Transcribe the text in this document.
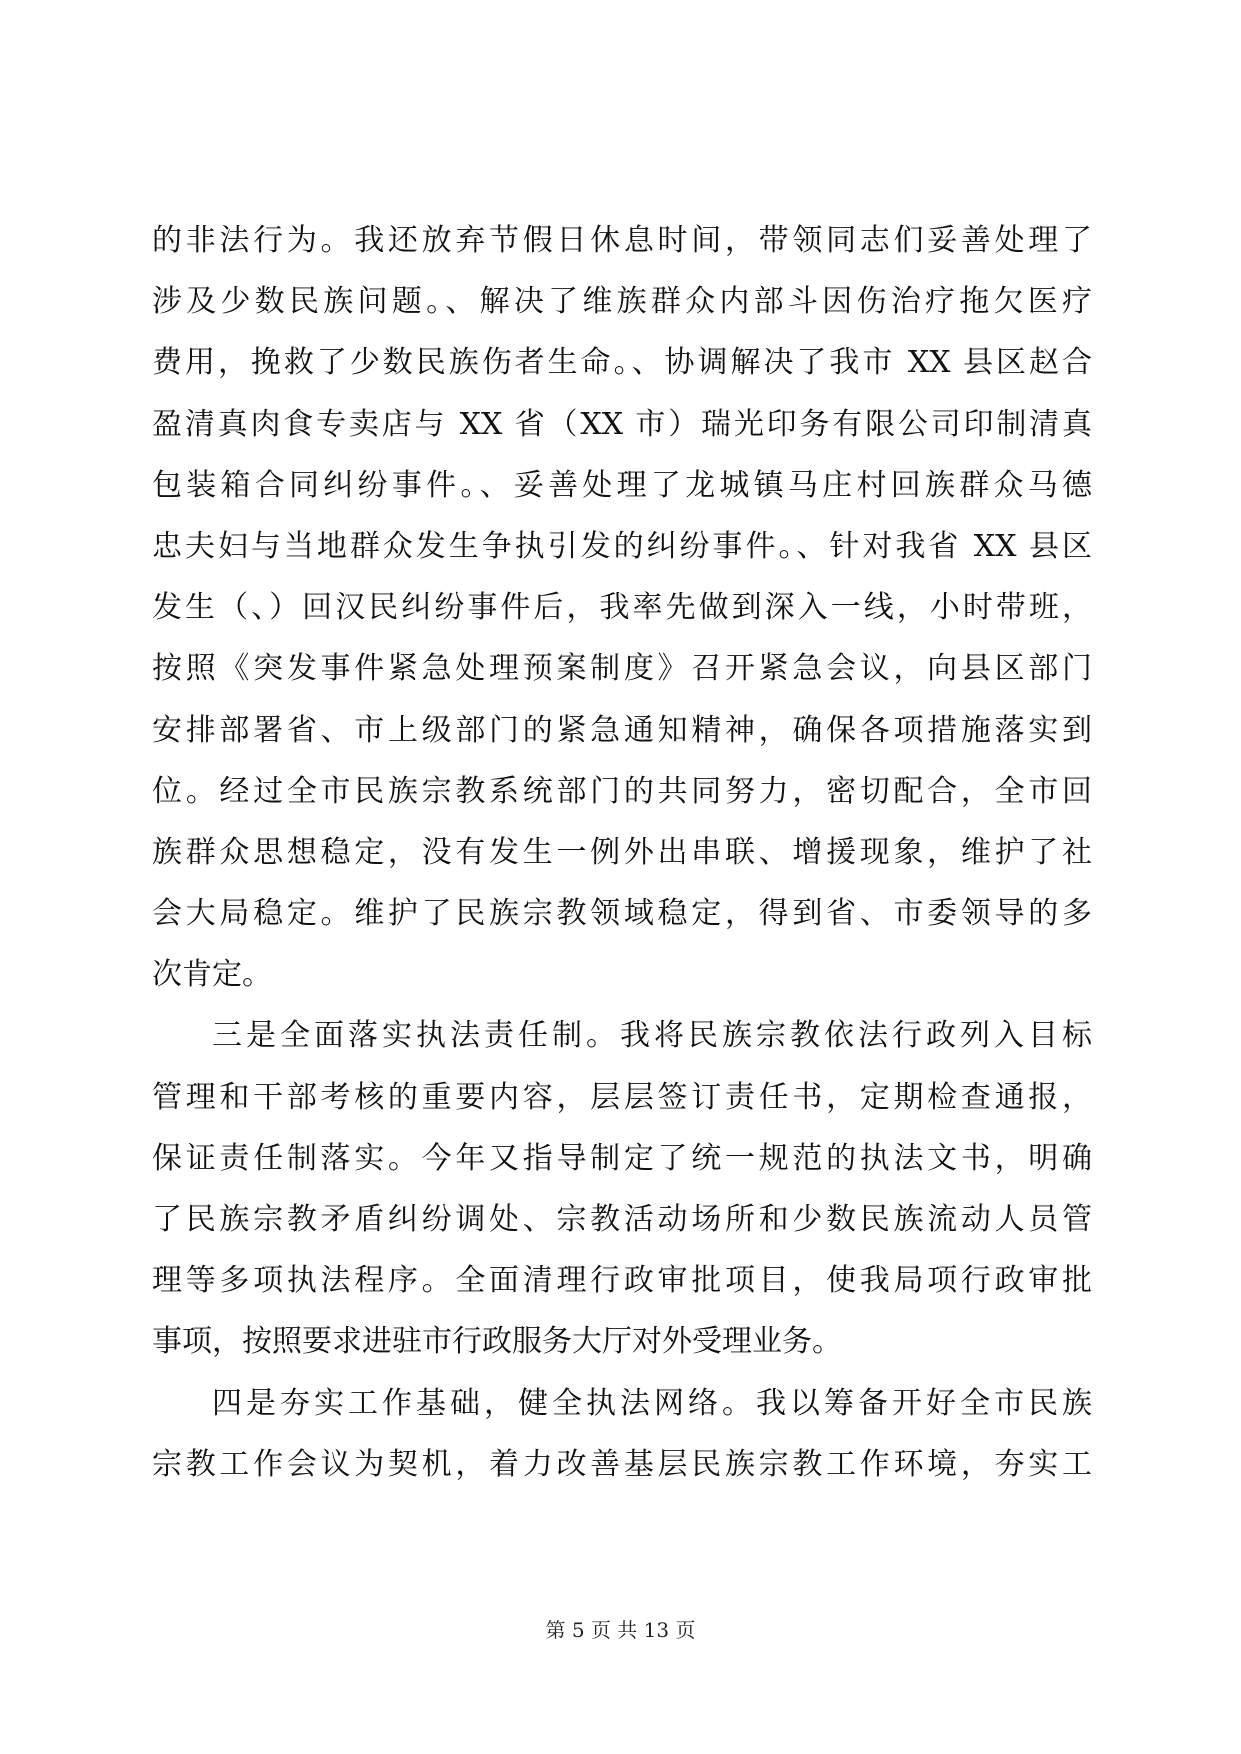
的非法行为。我还放弃节假日休息时间，带领同志们妥善处理了
涉及少数民族问题。、解决了维族群众内部斗因伤治疗拖欠医疗
费用，挽救了少数民族伤者生命。、协调解决了我市 XX 县区赵合
盈清真肉食专卖店与 XX 省（XX 市）瑞光印务有限公司印制清真
包装箱合同纠纷事件。、妥善处理了龙城镇马庄村回族群众马德
忠夫妇与当地群众发生争执引发的纠纷事件。、针对我省 XX 县区
发生（、）回汉民纠纷事件后，我率先做到深入一线，小时带班，
按照《突发事件紧急处理预案制度》召开紧急会议，向县区部门
安排部署省、市上级部门的紧急通知精神，确保各项措施落实到
位。经过全市民族宗教系统部门的共同努力，密切配合，全市回
族群众思想稳定，没有发生一例外出串联、增援现象，维护了社
会大局稳定。维护了民族宗教领域稳定，得到省、市委领导的多
次肯定。
三是全面落实执法责任制。我将民族宗教依法行政列入目标
管理和干部考核的重要内容，层层签订责任书，定期检查通报，
保证责任制落实。今年又指导制定了统一规范的执法文书，明确
了民族宗教矛盾纠纷调处、宗教活动场所和少数民族流动人员管
理等多项执法程序。全面清理行政审批项目，使我局项行政审批
事项，按照要求进驻市行政服务大厅对外受理业务。
四是夯实工作基础，健全执法网络。我以筹备开好全市民族
宗教工作会议为契机，着力改善基层民族宗教工作环境，夯实工
第 5 页 共 13 页
